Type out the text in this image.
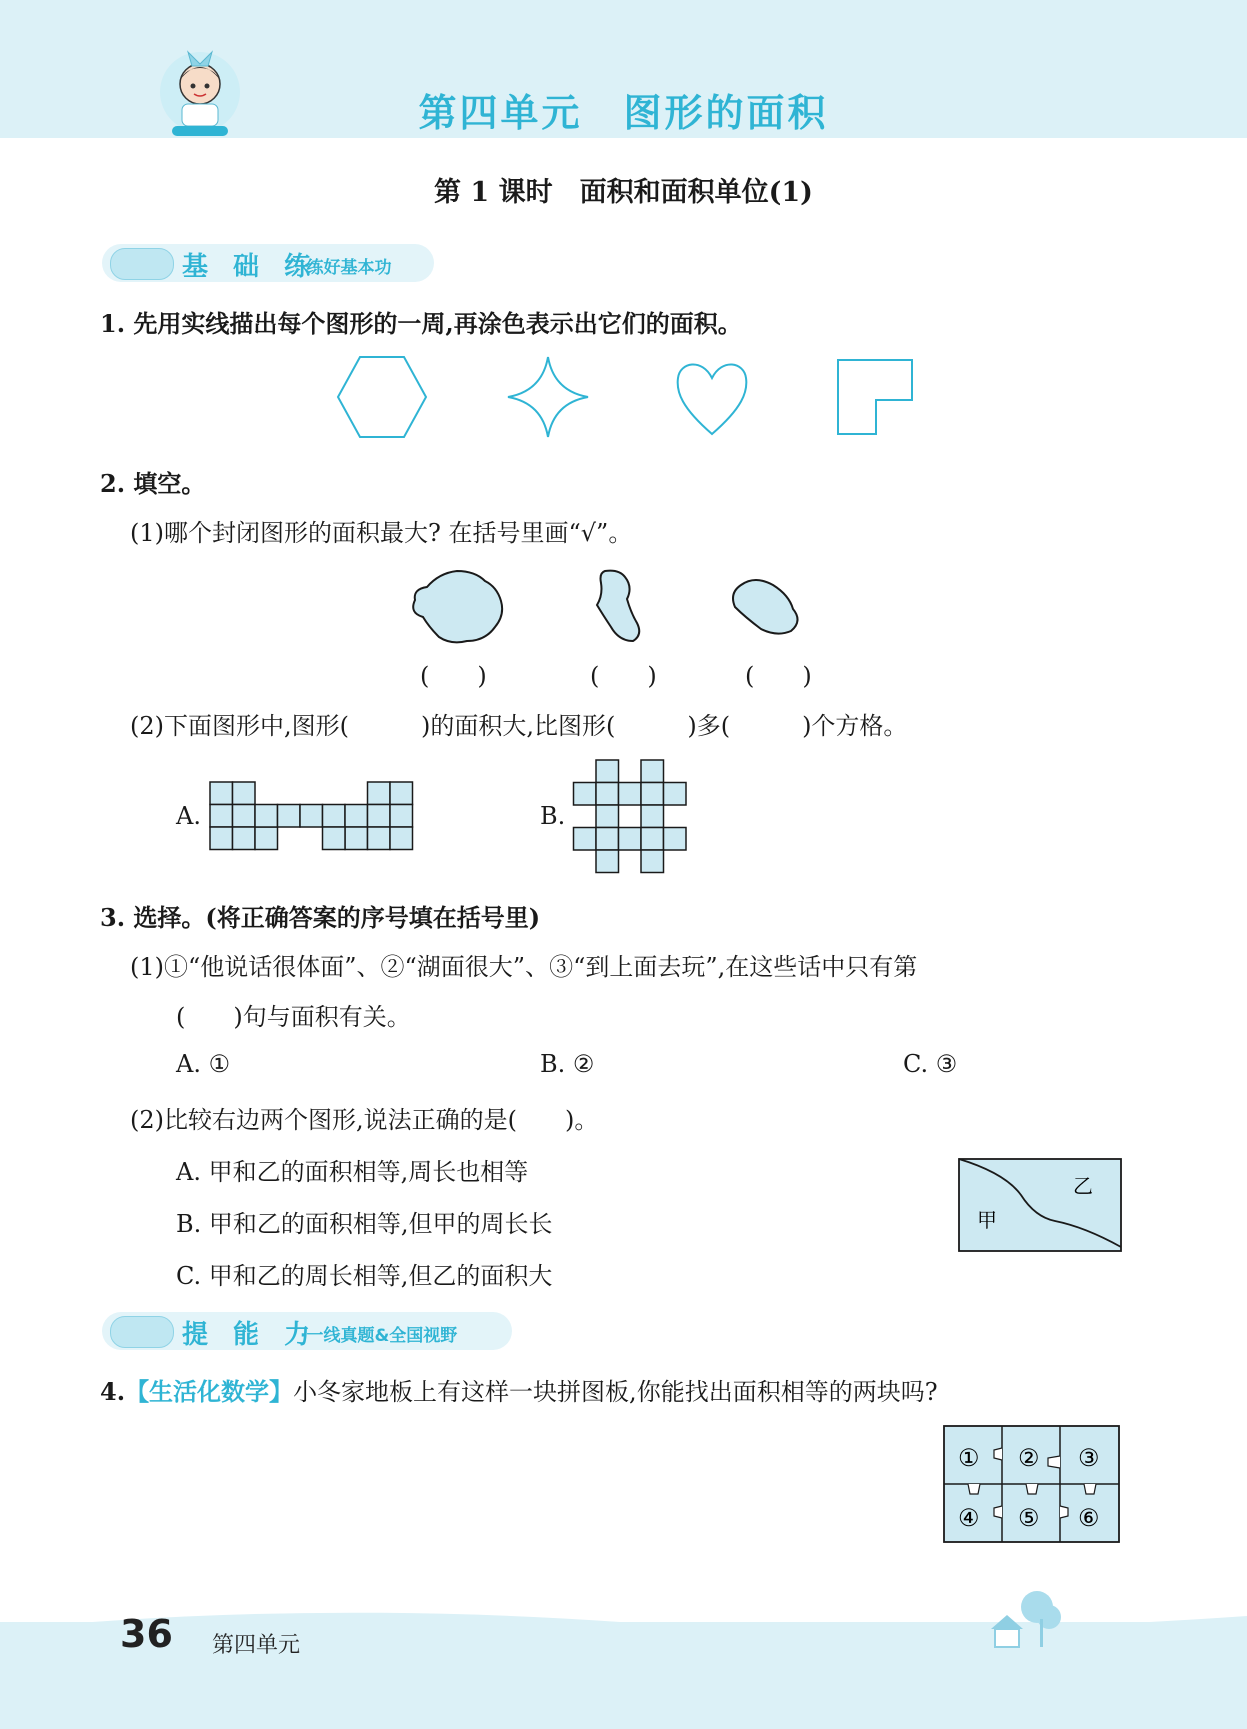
第四单元　图形的面积
第 1 课时　面积和面积单位(1)
基 础 练
·练好基本功
1. 先用实线描出每个图形的一周,再涂色表示出它们的面积。
2. 填空。
(1)哪个封闭图形的面积最大? 在括号里画“√”。
(　　)	(　　)	(　　)
(2)下面图形中,图形(　　　)的面积大,比图形(　　　)多(　　　)个方格。
A.	B.
3. 选择。(将正确答案的序号填在括号里)
(1)①“他说话很体面”、②“湖面很大”、③“到上面去玩”,在这些话中只有第
(　　)句与面积有关。
A. ①	B. ②	C. ③
(2)比较右边两个图形,说法正确的是(　　)。
A. 甲和乙的面积相等,周长也相等
B. 甲和乙的面积相等,但甲的周长长
C. 甲和乙的周长相等,但乙的面积大
甲
乙
提 能 力
·一线真题&全国视野
4.【生活化数学】小冬家地板上有这样一块拼图板,你能找出面积相等的两块吗?
① ② ③
④ ⑤ ⑥
36 第四单元
